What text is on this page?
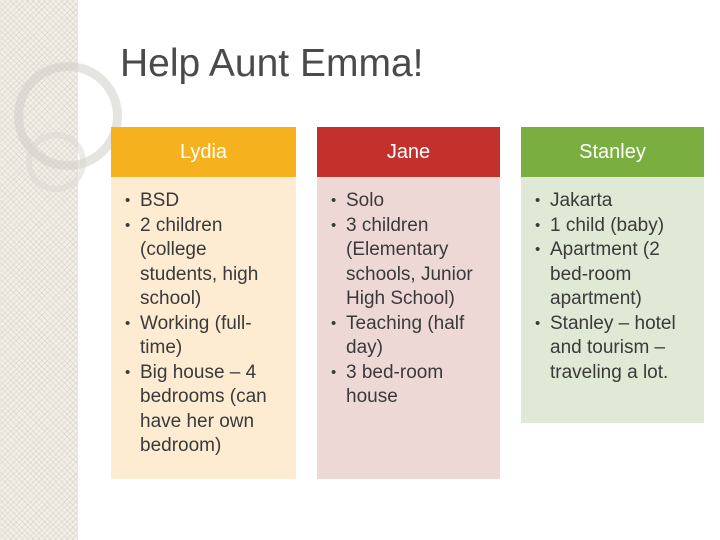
Help Aunt Emma!
Lydia
• BSD
• 2 children (college students, high school)
• Working (full-time)
• Big house – 4 bedrooms (can have her own bedroom)
Jane
• Solo
• 3 children (Elementary schools, Junior High School)
• Teaching (half day)
• 3 bed-room house
Stanley
• Jakarta
• 1 child (baby)
• Apartment (2 bed-room apartment)
• Stanley – hotel and tourism – traveling a lot.
